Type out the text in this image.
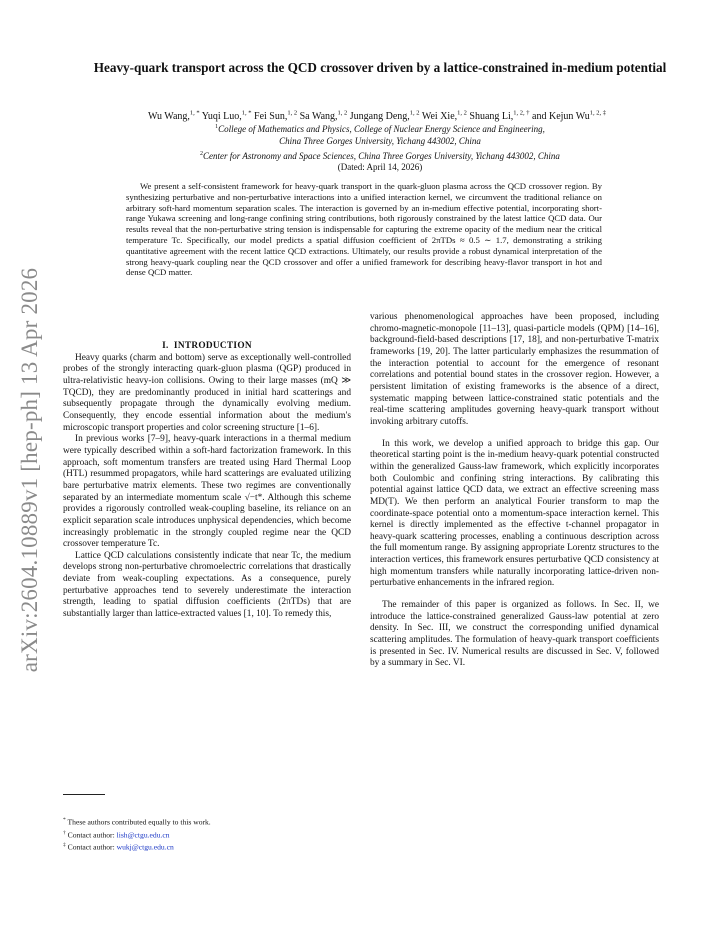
arXiv:2604.10889v1 [hep-ph] 13 Apr 2026
Heavy-quark transport across the QCD crossover driven by a lattice-constrained in-medium potential
Wu Wang,$^{1, *}$ Yuqi Luo,$^{1, *}$ Fei Sun,$^{1, 2}$ Sa Wang,$^{1, 2}$ Jungang Deng,$^{1, 2}$ Wei Xie,$^{1, 2}$ Shuang Li,$^{1, 2, \dagger}$ and Kejun $Wu^{1, 2, \ddagger}$
$^1$College of Mathematics and Physics, College of Nuclear Energy Science and Engineering,
China Three Gorges University, Yichang 443002, China
$^2$Center for Astronomy and Space Sciences, China Three Gorges University, Yichang 443002, China
(Dated: April 14, 2026)
We present a self-consistent framework for heavy-quark transport in the quark-gluon plasma across the QCD crossover region. By synthesizing perturbative and non-perturbative interactions into a unified interaction kernel, we circumvent the traditional reliance on arbitrary soft-hard momentum separation scales. The interaction is governed by an in-medium effective potential, incorporating short-range Yukawa screening and long-range confining string contributions, both rigorously constrained by the latest lattice QCD data. Our results reveal that the non-perturbative string tension is indispensable for capturing the extreme opacity of the medium near the critical temperature Tc. Specifically, our model predicts a spatial diffusion coefficient of 2πTDs ≈ 0.5 ∼ 1.7, demonstrating a striking quantitative agreement with the recent lattice QCD extractions. Ultimately, our results provide a robust dynamical interpretation of the strong heavy-quark coupling near the QCD crossover and offer a unified framework for describing heavy-flavor transport in hot and dense QCD matter.

I. INTRODUCTION

Heavy quarks (charm and bottom) serve as exceptionally well-controlled probes of the strongly interacting quark-gluon plasma (QGP) produced in ultra-relativistic heavy-ion collisions. Owing to their large masses (mQ ≫ TQCD), they are predominantly produced in initial hard scatterings and subsequently propagate through the dynamically evolving medium. Consequently, they encode essential information about the medium's microscopic transport properties and color screening structure [1–6].

In previous works [7–9], heavy-quark interactions in a thermal medium were typically described within a soft-hard factorization framework. In this approach, soft momentum transfers are treated using Hard Thermal Loop (HTL) resummed propagators, while hard scatterings are evaluated utilizing bare perturbative matrix elements. These two regimes are conventionally separated by an intermediate momentum scale √−t*. Although this scheme provides a rigorously controlled weak-coupling baseline, its reliance on an explicit separation scale introduces unphysical dependencies, which become increasingly problematic in the strongly coupled regime near the QCD crossover temperature Tc.

Lattice QCD calculations consistently indicate that near Tc, the medium develops strong non-perturbative chromoelectric correlations that drastically deviate from weak-coupling expectations. As a consequence, purely perturbative approaches tend to severely underestimate the interaction strength, leading to spatial diffusion coefficients (2πTDs) that are substantially larger than lattice-extracted values [1, 10]. To remedy this,

various phenomenological approaches have been proposed, including chromo-magnetic-monopole [11–13], quasi-particle models (QPM) [14–16], background-field-based descriptions [17, 18], and non-perturbative T-matrix frameworks [19, 20]. The latter particularly emphasizes the resummation of the interaction potential to account for the emergence of resonant correlations and potential bound states in the crossover region. However, a persistent limitation of existing frameworks is the absence of a direct, systematic mapping between lattice-constrained static potentials and the real-time scattering amplitudes governing heavy-quark transport without invoking arbitrary cutoffs.

In this work, we develop a unified approach to bridge this gap. Our theoretical starting point is the in-medium heavy-quark potential constructed within the generalized Gauss-law framework, which explicitly incorporates both Coulombic and confining string interactions. By calibrating this potential against lattice QCD data, we extract an effective screening mass MD(T). We then perform an analytical Fourier transform to map the coordinate-space potential onto a momentum-space interaction kernel. This kernel is directly implemented as the effective t-channel propagator in heavy-quark scattering processes, enabling a continuous description across the full momentum range. By assigning appropriate Lorentz structures to the interaction vertices, this framework ensures perturbative QCD consistency at high momentum transfers while naturally incorporating lattice-driven non-perturbative enhancements in the infrared region.

The remainder of this paper is organized as follows. In Sec. II, we introduce the lattice-constrained generalized Gauss-law potential at zero density. In Sec. III, we construct the corresponding unified dynamical scattering amplitudes. The formulation of heavy-quark transport coefficients is presented in Sec. IV. Numerical results are discussed in Sec. V, followed by a summary in Sec. VI.

* These authors contributed equally to this work.
† Contact author: lish@ctgu.edu.cn
‡ Contact author: wukj@ctgu.edu.cn
